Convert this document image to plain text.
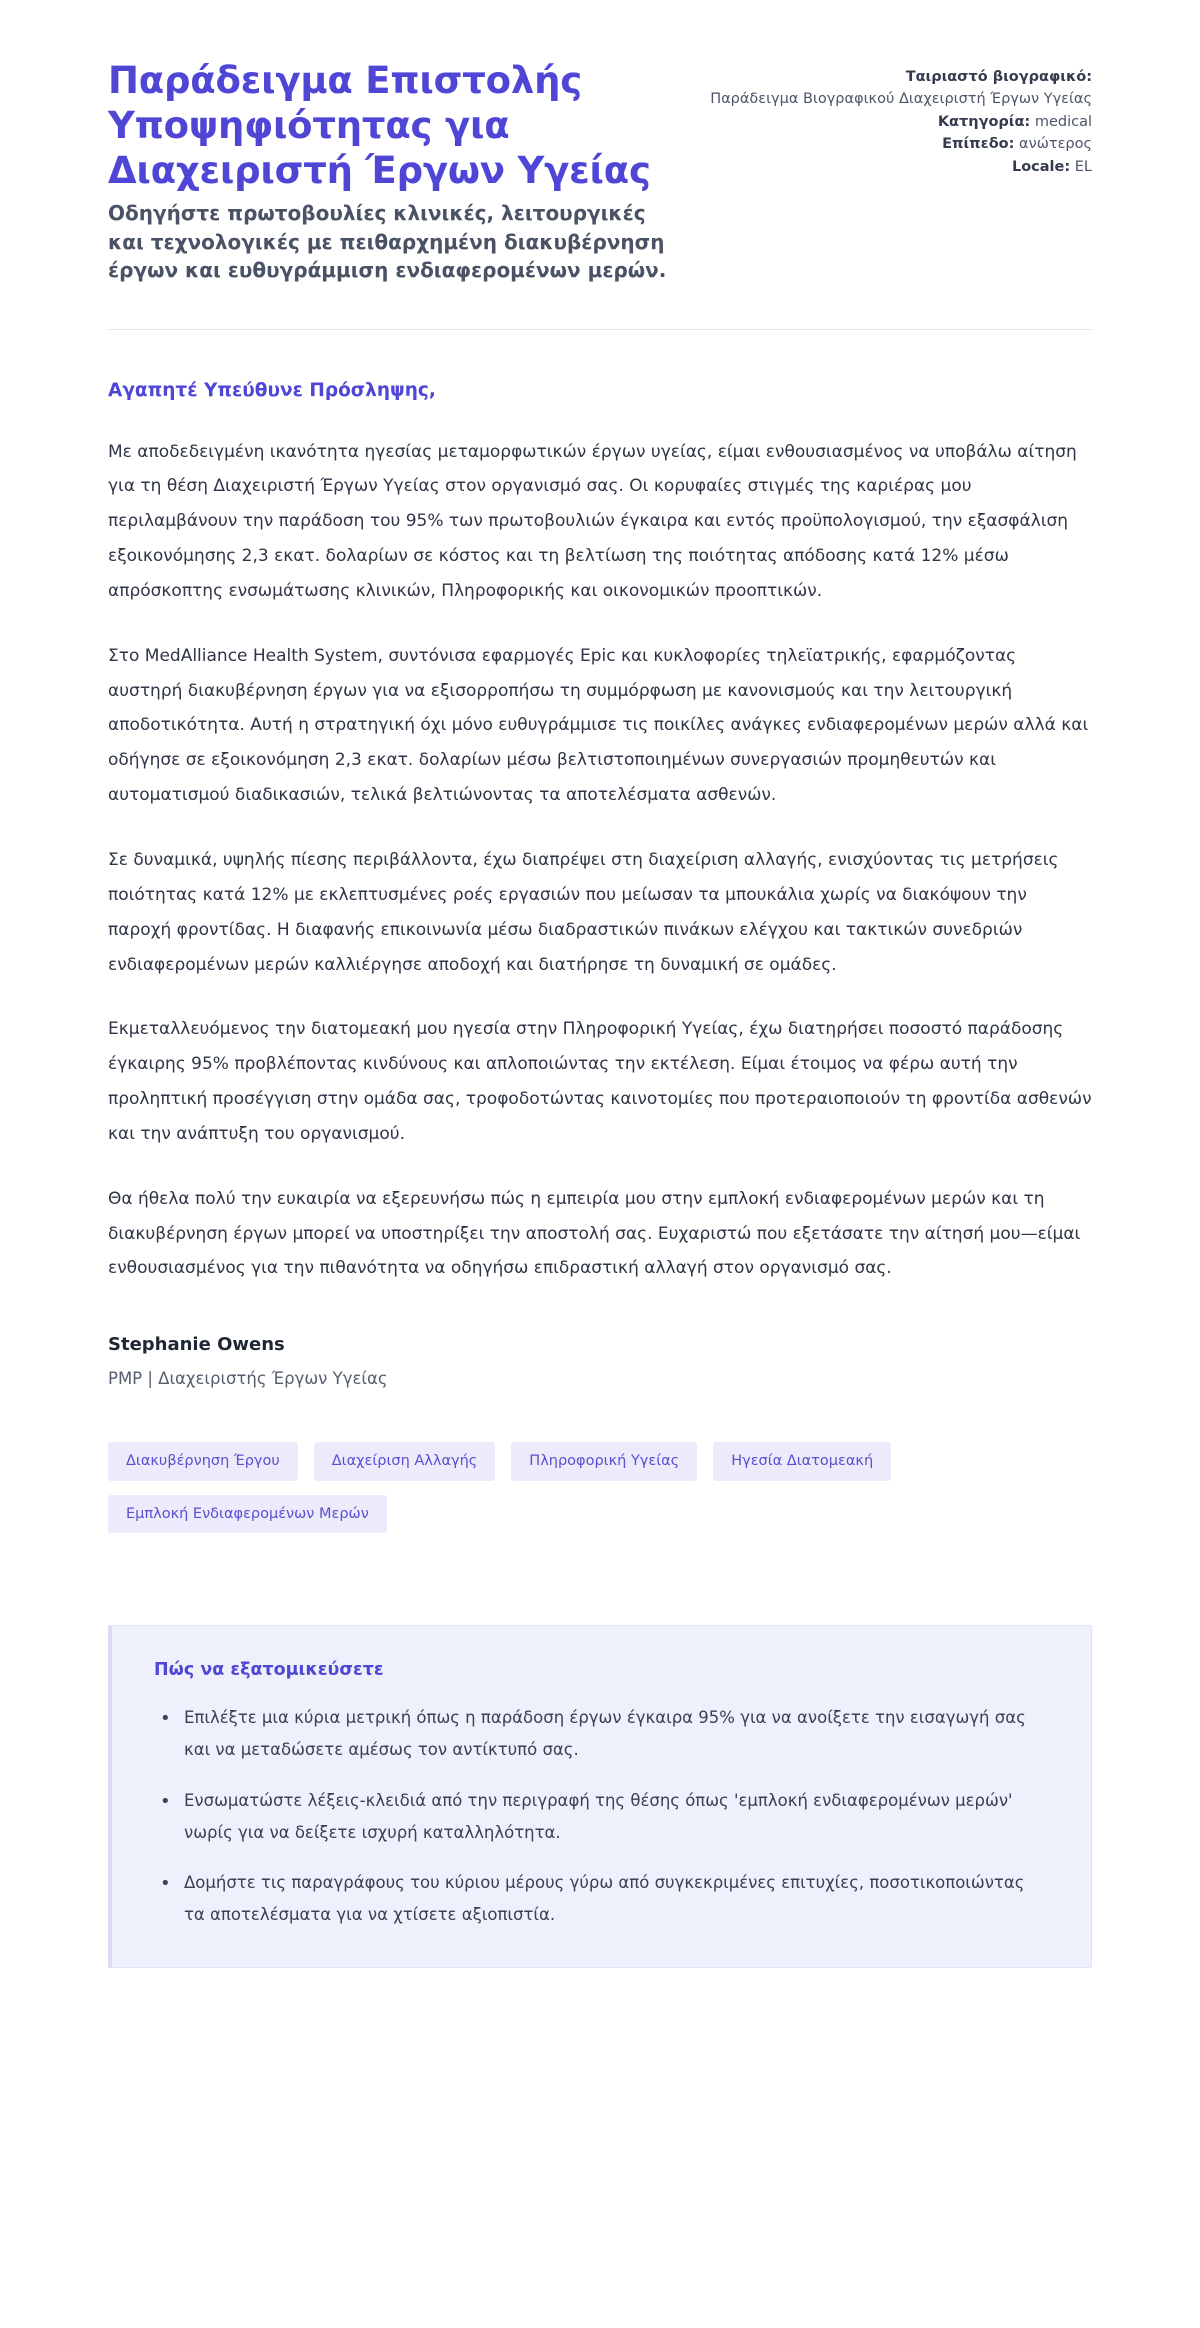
Παράδειγμα Επιστολής Υποψηφιότητας για Διαχειριστή Έργων Υγείας

Οδηγήστε πρωτοβουλίες κλινικές, λειτουργικές και τεχνολογικές με πειθαρχημένη διακυβέρνηση έργων και ευθυγράμμιση ενδιαφερομένων μερών.

Ταιριαστό βιογραφικό:
Παράδειγμα Βιογραφικού Διαχειριστή Έργων Υγείας
Κατηγορία: medical
Επίπεδο: ανώτερος
Locale: EL

Αγαπητέ Υπεύθυνε Πρόσληψης,

Με αποδεδειγμένη ικανότητα ηγεσίας μεταμορφωτικών έργων υγείας, είμαι ενθουσιασμένος να υποβάλω αίτηση για τη θέση Διαχειριστή Έργων Υγείας στον οργανισμό σας. Οι κορυφαίες στιγμές της καριέρας μου περιλαμβάνουν την παράδοση του 95% των πρωτοβουλιών έγκαιρα και εντός προϋπολογισμού, την εξασφάλιση εξοικονόμησης 2,3 εκατ. δολαρίων σε κόστος και τη βελτίωση της ποιότητας απόδοσης κατά 12% μέσω απρόσκοπτης ενσωμάτωσης κλινικών, Πληροφορικής και οικονομικών προοπτικών.

Στο MedAlliance Health System, συντόνισα εφαρμογές Epic και κυκλοφορίες τηλεϊατρικής, εφαρμόζοντας αυστηρή διακυβέρνηση έργων για να εξισορροπήσω τη συμμόρφωση με κανονισμούς και την λειτουργική αποδοτικότητα. Αυτή η στρατηγική όχι μόνο ευθυγράμμισε τις ποικίλες ανάγκες ενδιαφερομένων μερών αλλά και οδήγησε σε εξοικονόμηση 2,3 εκατ. δολαρίων μέσω βελτιστοποιημένων συνεργασιών προμηθευτών και αυτοματισμού διαδικασιών, τελικά βελτιώνοντας τα αποτελέσματα ασθενών.

Σε δυναμικά, υψηλής πίεσης περιβάλλοντα, έχω διαπρέψει στη διαχείριση αλλαγής, ενισχύοντας τις μετρήσεις ποιότητας κατά 12% με εκλεπτυσμένες ροές εργασιών που μείωσαν τα μπουκάλια χωρίς να διακόψουν την παροχή φροντίδας. Η διαφανής επικοινωνία μέσω διαδραστικών πινάκων ελέγχου και τακτικών συνεδριών ενδιαφερομένων μερών καλλιέργησε αποδοχή και διατήρησε τη δυναμική σε ομάδες.

Εκμεταλλευόμενος την διατομεακή μου ηγεσία στην Πληροφορική Υγείας, έχω διατηρήσει ποσοστό παράδοσης έγκαιρης 95% προβλέποντας κινδύνους και απλοποιώντας την εκτέλεση. Είμαι έτοιμος να φέρω αυτή την προληπτική προσέγγιση στην ομάδα σας, τροφοδοτώντας καινοτομίες που προτεραιοποιούν τη φροντίδα ασθενών και την ανάπτυξη του οργανισμού.

Θα ήθελα πολύ την ευκαιρία να εξερευνήσω πώς η εμπειρία μου στην εμπλοκή ενδιαφερομένων μερών και τη διακυβέρνηση έργων μπορεί να υποστηρίξει την αποστολή σας. Ευχαριστώ που εξετάσατε την αίτησή μου—είμαι ενθουσιασμένος για την πιθανότητα να οδηγήσω επιδραστική αλλαγή στον οργανισμό σας.

Stephanie Owens

PMP | Διαχειριστής Έργων Υγείας

Διακυβέρνηση Έργου	Διαχείριση Αλλαγής	Πληροφορική Υγείας	Ηγεσία Διατομεακή
Εμπλοκή Ενδιαφερομένων Μερών

Πώς να εξατομικεύσετε

• Επιλέξτε μια κύρια μετρική όπως η παράδοση έργων έγκαιρα 95% για να ανοίξετε την εισαγωγή σας και να μεταδώσετε αμέσως τον αντίκτυπό σας.
• Ενσωματώστε λέξεις-κλειδιά από την περιγραφή της θέσης όπως 'εμπλοκή ενδιαφερομένων μερών' νωρίς για να δείξετε ισχυρή καταλληλότητα.
• Δομήστε τις παραγράφους του κύριου μέρους γύρω από συγκεκριμένες επιτυχίες, ποσοτικοποιώντας τα αποτελέσματα για να χτίσετε αξιοπιστία.
